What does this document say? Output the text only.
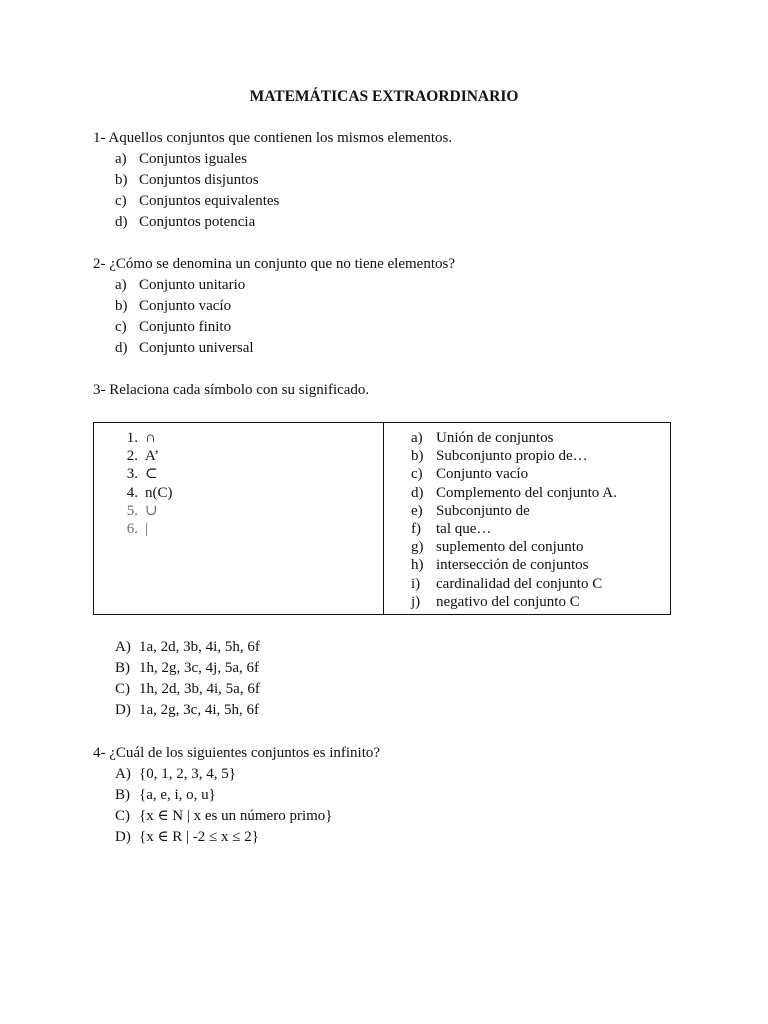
MATEMÁTICAS EXTRAORDINARIO
1- Aquellos conjuntos que contienen los mismos elementos.
a) Conjuntos iguales
b) Conjuntos disjuntos
c) Conjuntos equivalentes
d) Conjuntos potencia
2- ¿Cómo se denomina un conjunto que no tiene elementos?
a) Conjunto unitario
b) Conjunto vacío
c) Conjunto finito
d) Conjunto universal
3- Relaciona cada símbolo con su significado.
1. ∩
2. A’
3. ⊂
4. n(C)
5. ∪
6. |
a) Unión de conjuntos
b) Subconjunto propio de…
c) Conjunto vacío
d) Complemento del conjunto A.
e) Subconjunto de
f)	tal que…
g) suplemento del conjunto
h) intersección de conjuntos
i)	cardinalidad del conjunto C
j)	negativo del conjunto C
A) 1a, 2d, 3b, 4i, 5h, 6f
B) 1h, 2g, 3c, 4j, 5a, 6f
C) 1h, 2d, 3b, 4i, 5a, 6f
D) 1a, 2g, 3c, 4i, 5h, 6f
4- ¿Cuál de los siguientes conjuntos es infinito?
A) {0, 1, 2, 3, 4, 5}
B) {a, e, i, o, u}
C) {x ∈ N | x es un número primo}
D) {x ∈ R | -2 ≤ x ≤ 2}
